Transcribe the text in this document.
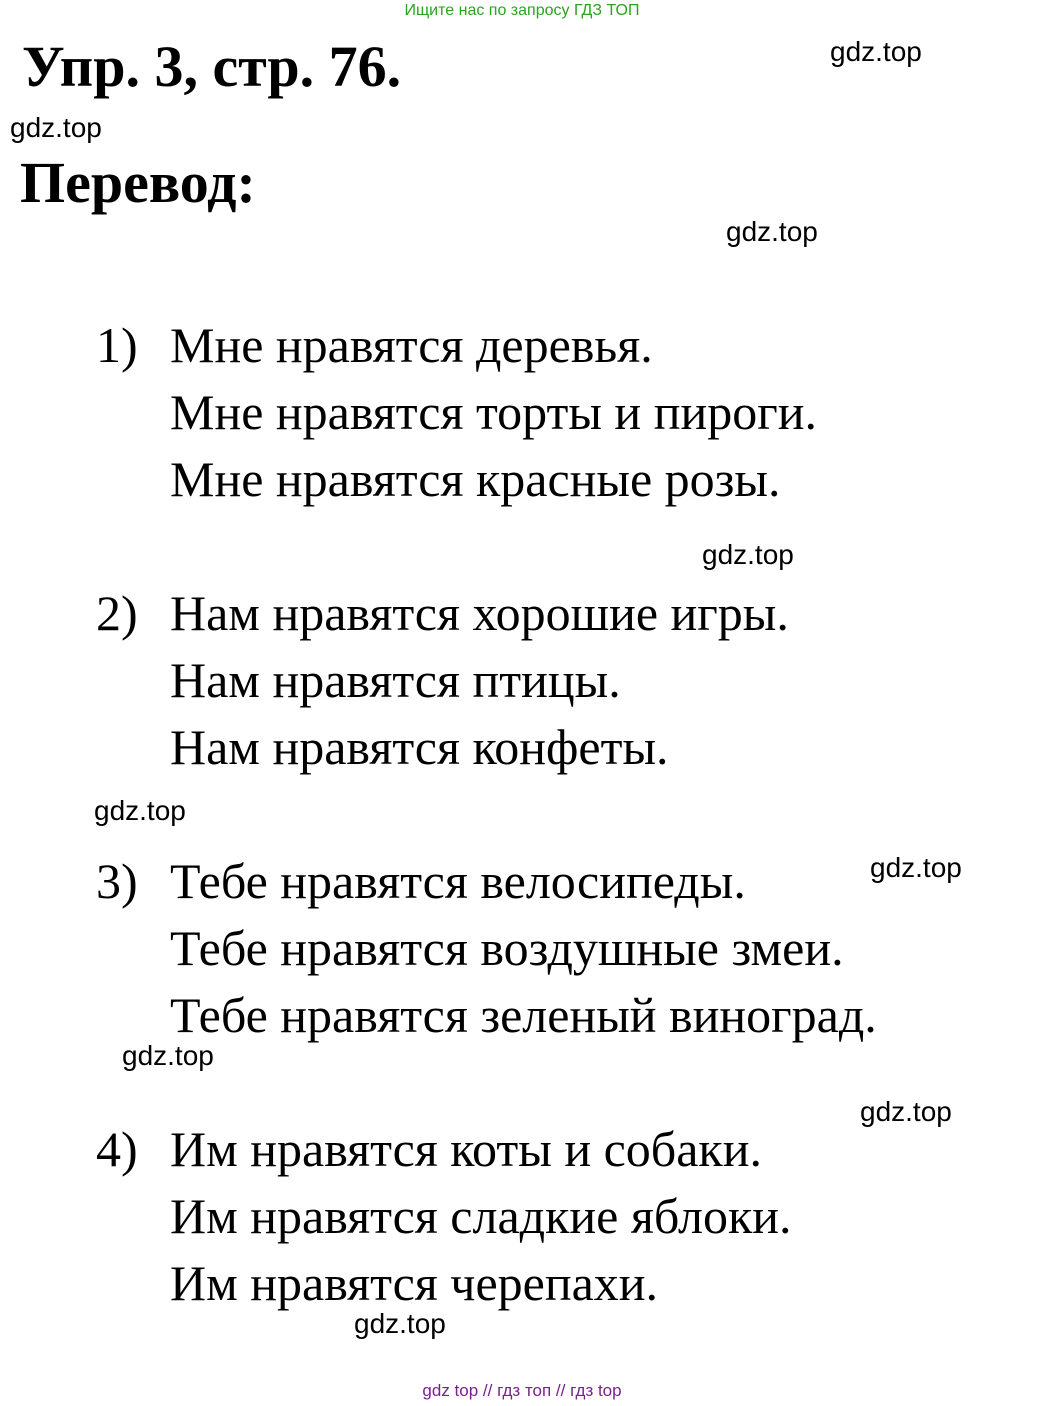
Ищите нас по запросу ГДЗ ТОП
Упр. 3, стр. 76.
Перевод:
gdz.top
gdz.top
gdz.top
gdz.top
gdz.top
gdz.top
gdz.top
gdz.top
gdz.top
1) Мне нравятся деревья.
Мне нравятся торты и пироги.
Мне нравятся красные розы.
2) Нам нравятся хорошие игры.
Нам нравятся птицы.
Нам нравятся конфеты.
3) Тебе нравятся велосипеды.
Тебе нравятся воздушные змеи.
Тебе нравятся зеленый виноград.
4) Им нравятся коты и собаки.
Им нравятся сладкие яблоки.
Им нравятся черепахи.
gdz top // гдз топ // гдз top
